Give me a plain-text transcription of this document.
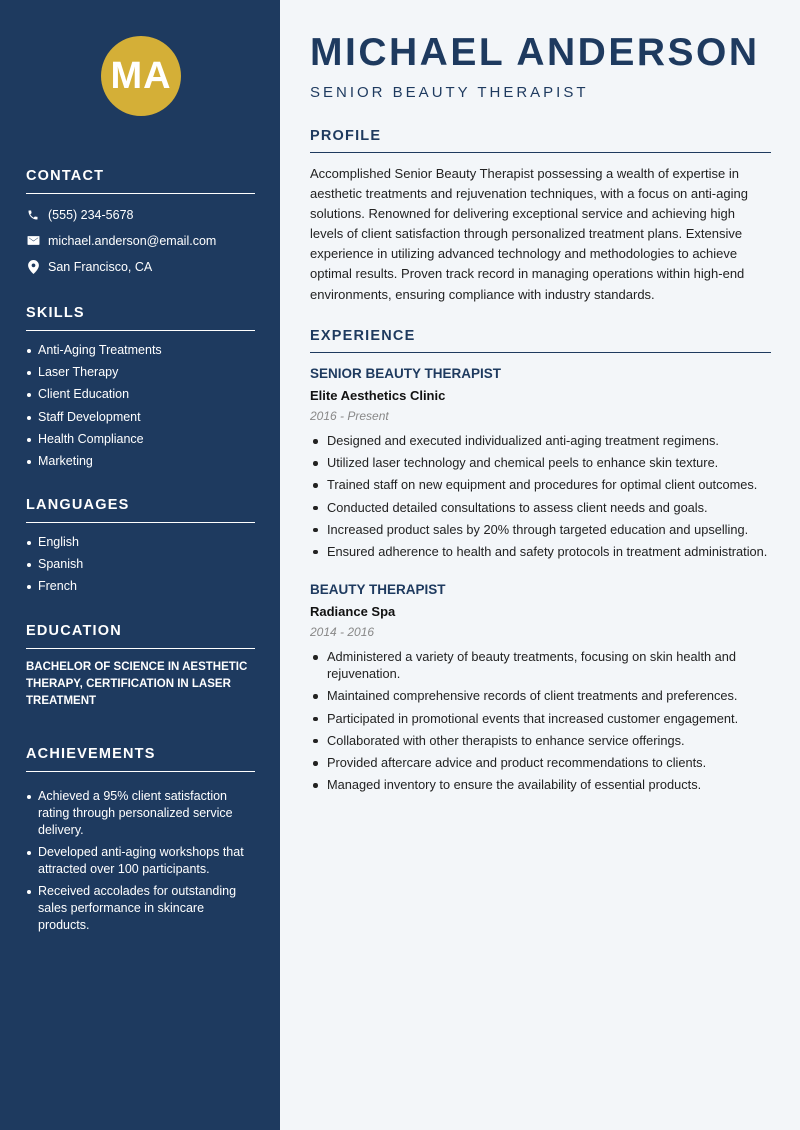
MA
CONTACT
(555) 234-5678
michael.anderson@email.com
San Francisco, CA
SKILLS
Anti-Aging Treatments
Laser Therapy
Client Education
Staff Development
Health Compliance
Marketing
LANGUAGES
English
Spanish
French
EDUCATION
BACHELOR OF SCIENCE IN AESTHETIC THERAPY, CERTIFICATION IN LASER TREATMENT
ACHIEVEMENTS
Achieved a 95% client satisfaction rating through personalized service delivery.
Developed anti-aging workshops that attracted over 100 participants.
Received accolades for outstanding sales performance in skincare products.
MICHAEL ANDERSON
SENIOR BEAUTY THERAPIST
PROFILE

Accomplished Senior Beauty Therapist possessing a wealth of expertise in aesthetic treatments and rejuvenation techniques, with a focus on anti-aging solutions. Renowned for delivering exceptional service and achieving high levels of client satisfaction through personalized treatment plans. Extensive experience in utilizing advanced technology and methodologies to achieve optimal results. Proven track record in managing operations within high-end environments, ensuring compliance with industry standards.

EXPERIENCE
SENIOR BEAUTY THERAPIST
Elite Aesthetics Clinic
2016 - Present
Designed and executed individualized anti-aging treatment regimens.
Utilized laser technology and chemical peels to enhance skin texture.
Trained staff on new equipment and procedures for optimal client outcomes.
Conducted detailed consultations to assess client needs and goals.
Increased product sales by 20% through targeted education and upselling.
Ensured adherence to health and safety protocols in treatment administration.
BEAUTY THERAPIST
Radiance Spa
2014 - 2016
Administered a variety of beauty treatments, focusing on skin health and rejuvenation.
Maintained comprehensive records of client treatments and preferences.
Participated in promotional events that increased customer engagement.
Collaborated with other therapists to enhance service offerings.
Provided aftercare advice and product recommendations to clients.
Managed inventory to ensure the availability of essential products.
